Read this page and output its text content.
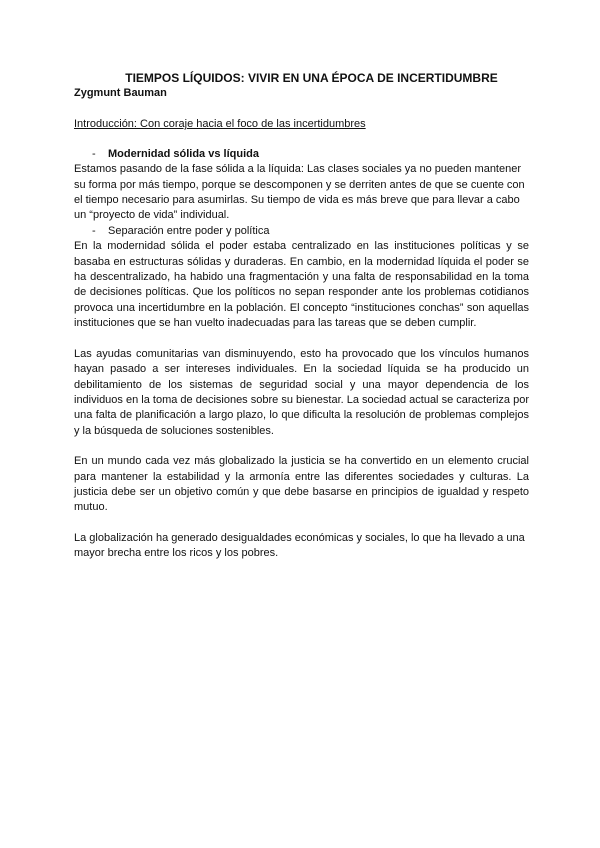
TIEMPOS LÍQUIDOS: VIVIR EN UNA ÉPOCA DE INCERTIDUMBRE
Zygmunt Bauman
Introducción: Con coraje hacia el foco de las incertidumbres
-	Modernidad sólida vs líquida

Estamos pasando de la fase sólida a la líquida: Las clases sociales ya no pueden mantener su forma por más tiempo, porque se descomponen y se derriten antes de que se cuente con el tiempo necesario para asumirlas. Su tiempo de vida es más breve que para llevar a cabo un “proyecto de vida” individual.

-	Separación entre poder y política

En la modernidad sólida el poder estaba centralizado en las instituciones políticas y se basaba en estructuras sólidas y duraderas. En cambio, en la modernidad líquida el poder se ha descentralizado, ha habido una fragmentación y una falta de responsabilidad en la toma de decisiones políticas. Que los políticos no sepan responder ante los problemas cotidianos provoca una incertidumbre en la población. El concepto “instituciones conchas” son aquellas instituciones que se han vuelto inadecuadas para las tareas que se deben cumplir.

Las ayudas comunitarias van disminuyendo, esto ha provocado que los vínculos humanos hayan pasado a ser intereses individuales. En la sociedad líquida se ha producido un debilitamiento de los sistemas de seguridad social y una mayor dependencia de los individuos en la toma de decisiones sobre su bienestar. La sociedad actual se caracteriza por una falta de planificación a largo plazo, lo que dificulta la resolución de problemas complejos y la búsqueda de soluciones sostenibles.

En un mundo cada vez más globalizado la justicia se ha convertido en un elemento crucial para mantener la estabilidad y la armonía entre las diferentes sociedades y culturas. La justicia debe ser un objetivo común y que debe basarse en principios de igualdad y respeto mutuo.

La globalización ha generado desigualdades económicas y sociales, lo que ha llevado a una mayor brecha entre los ricos y los pobres.
